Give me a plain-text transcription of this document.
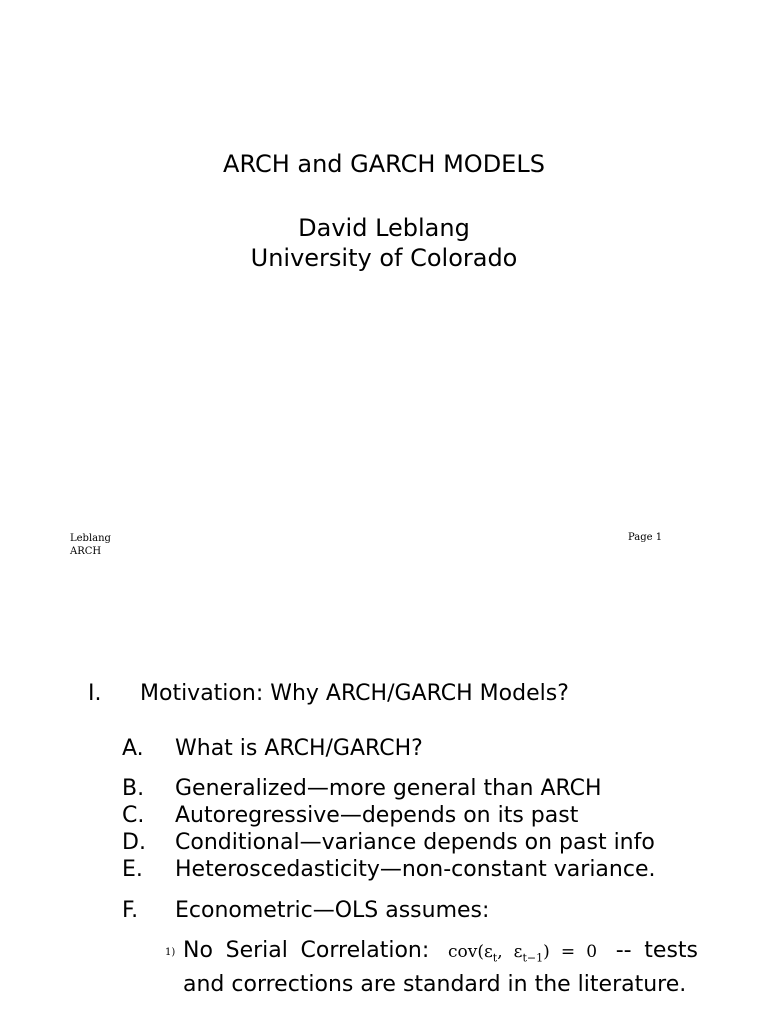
ARCH and GARCH MODELS
David Leblang
University of Colorado
Leblang
ARCH
Page 1
I. Motivation: Why ARCH/GARCH Models?
A. What is ARCH/GARCH?
B. Generalized—more general than ARCH
C. Autoregressive—depends on its past
D. Conditional—variance depends on past info
E. Heteroscedasticity—non-constant variance.
F. Econometric—OLS assumes:
1) No Serial Correlation: $cov(\varepsilon_t$, $\varepsilon_{t-1}) = 0$ -- tests and corrections are standard in the literature.
